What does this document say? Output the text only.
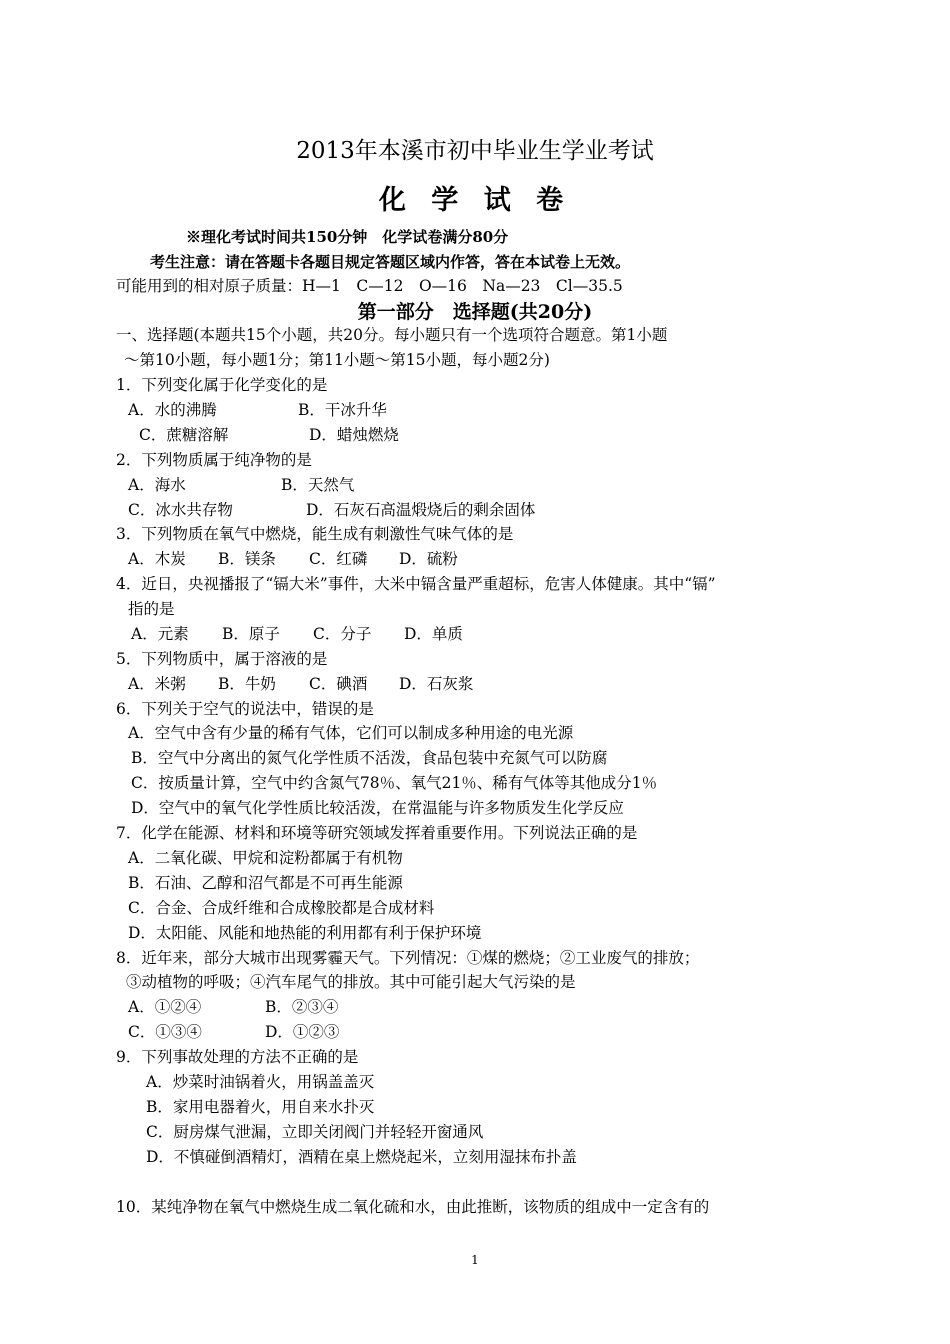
2013年本溪市初中毕业生学业考试
化 学 试 卷
※理化考试时间共150分钟　化学试卷满分80分
考生注意：请在答题卡各题目规定答题区域内作答，答在本试卷上无效。
可能用到的相对原子质量：H—1　C—12　O—16　Na—23　Cl—35.5
第一部分　选择题(共20分)
一、选择题(本题共15个小题，共20分。每小题只有一个选项符合题意。第1小题
～第10小题，每小题1分；第11小题～第15小题，每小题2分)
1．下列变化属于化学变化的是
A．水的沸腾	B．干冰升华
C．蔗糖溶解	D．蜡烛燃烧
2．下列物质属于纯净物的是
A．海水	B．天然气
C．冰水共存物	D．石灰石高温煅烧后的剩余固体
3．下列物质在氧气中燃烧，能生成有刺激性气味气体的是
A．木炭 B．镁条 C．红磷 D．硫粉
4．近日，央视播报了“镉大米”事件，大米中镉含量严重超标，危害人体健康。其中“镉”
指的是
A．元素 B．原子 C．分子 D．单质
5．下列物质中，属于溶液的是
A．米粥 B．牛奶 C．碘酒 D．石灰浆
6．下列关于空气的说法中，错误的是
A．空气中含有少量的稀有气体，它们可以制成多种用途的电光源
B．空气中分离出的氮气化学性质不活泼，食品包装中充氮气可以防腐
C．按质量计算，空气中约含氮气78％、氧气21％、稀有气体等其他成分1％
D．空气中的氧气化学性质比较活泼，在常温能与许多物质发生化学反应
7．化学在能源、材料和环境等研究领域发挥着重要作用。下列说法正确的是
A．二氧化碳、甲烷和淀粉都属于有机物
B．石油、乙醇和沼气都是不可再生能源
C．合金、合成纤维和合成橡胶都是合成材料
D．太阳能、风能和地热能的利用都有利于保护环境
8．近年来，部分大城市出现雾霾天气。下列情况：①煤的燃烧；②工业废气的排放；
③动植物的呼吸；④汽车尾气的排放。其中可能引起大气污染的是
A．①②④	B．②③④
C．①③④	D．①②③
9．下列事故处理的方法不正确的是
A．炒菜时油锅着火，用锅盖盖灭
B．家用电器着火，用自来水扑灭
C．厨房煤气泄漏，立即关闭阀门并轻轻开窗通风
D．不慎碰倒酒精灯，酒精在桌上燃烧起米，立刻用湿抹布扑盖
10．某纯净物在氧气中燃烧生成二氧化硫和水，由此推断，该物质的组成中一定含有的
1
